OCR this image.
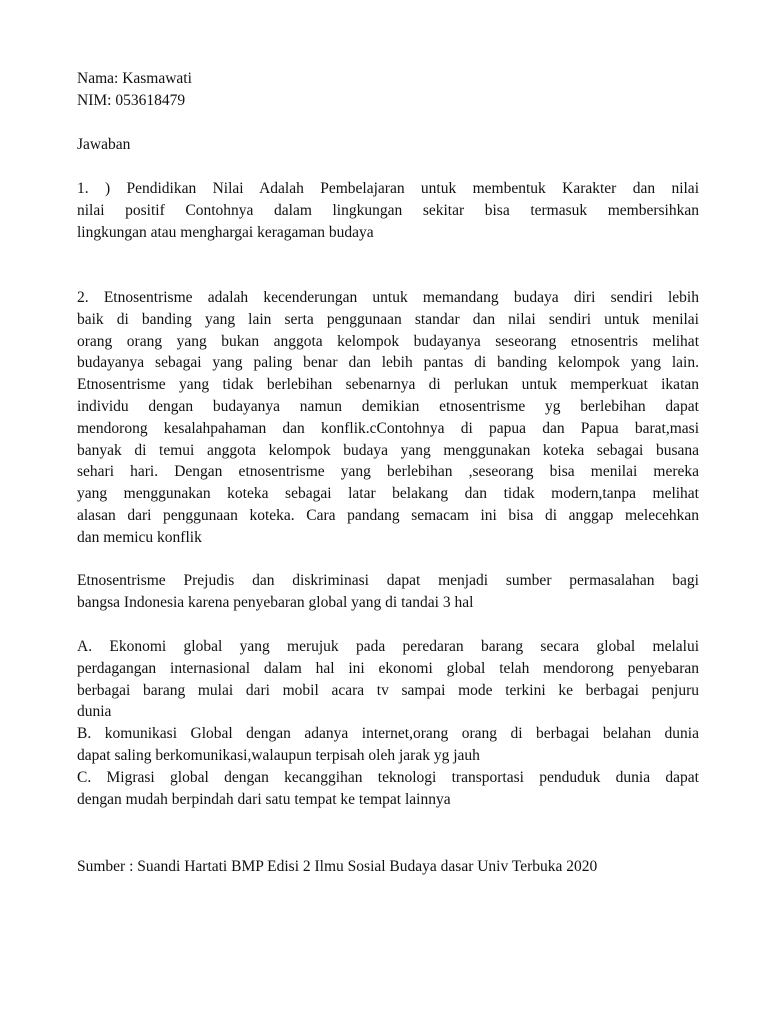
Nama: Kasmawati
NIM: 053618479
Jawaban
1. ) Pendidikan Nilai Adalah Pembelajaran untuk membentuk Karakter dan nilai
nilai positif Contohnya dalam lingkungan sekitar bisa termasuk membersihkan
lingkungan atau menghargai keragaman budaya
2. Etnosentrisme adalah kecenderungan untuk memandang budaya diri sendiri lebih
baik di banding yang lain serta penggunaan standar dan nilai sendiri untuk menilai
orang orang yang bukan anggota kelompok budayanya seseorang etnosentris melihat
budayanya sebagai yang paling benar dan lebih pantas di banding kelompok yang lain.
Etnosentrisme yang tidak berlebihan sebenarnya di perlukan untuk memperkuat ikatan
individu dengan budayanya namun demikian etnosentrisme yg berlebihan dapat
mendorong kesalahpahaman dan konflik.cContohnya di papua dan Papua barat,masi
banyak di temui anggota kelompok budaya yang menggunakan koteka sebagai busana
sehari hari. Dengan etnosentrisme yang berlebihan ,seseorang bisa menilai mereka
yang menggunakan koteka sebagai latar belakang dan tidak modern,tanpa melihat
alasan dari penggunaan koteka. Cara pandang semacam ini bisa di anggap melecehkan
dan memicu konflik
Etnosentrisme Prejudis dan diskriminasi dapat menjadi sumber permasalahan bagi
bangsa Indonesia karena penyebaran global yang di tandai 3 hal
A. Ekonomi global yang merujuk pada peredaran barang secara global melalui
perdagangan internasional dalam hal ini ekonomi global telah mendorong penyebaran
berbagai barang mulai dari mobil acara tv sampai mode terkini ke berbagai penjuru
dunia
B. komunikasi Global dengan adanya internet,orang orang di berbagai belahan dunia
dapat saling berkomunikasi,walaupun terpisah oleh jarak yg jauh
C. Migrasi global dengan kecanggihan teknologi transportasi penduduk dunia dapat
dengan mudah berpindah dari satu tempat ke tempat lainnya
Sumber : Suandi Hartati BMP Edisi 2 Ilmu Sosial Budaya dasar Univ Terbuka 2020
